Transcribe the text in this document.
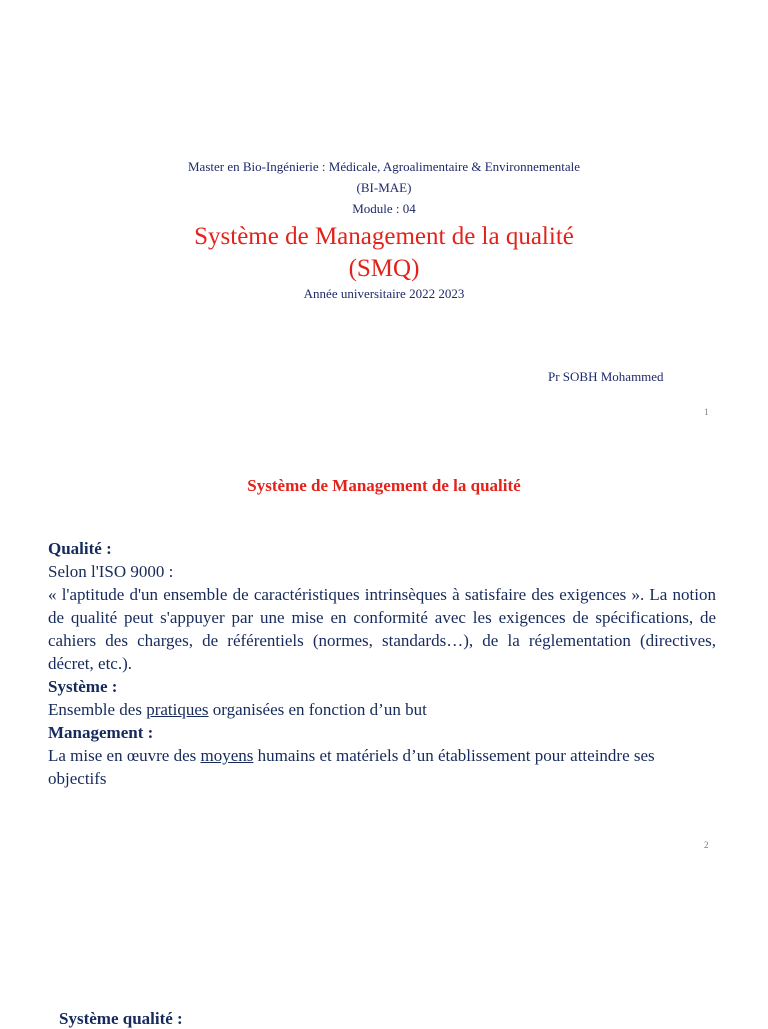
Master en Bio-Ingénierie : Médicale, Agroalimentaire & Environnementale
(BI-MAE)
Module : 04
Système de Management de la qualité
(SMQ)
Année universitaire 2022 2023
Pr SOBH Mohammed
1
Système de Management de la qualité
Qualité :
Selon l'ISO 9000 :
« l'aptitude d'un ensemble de caractéristiques intrinsèques à satisfaire des exigences ». La notion de qualité peut s'appuyer par une mise en conformité avec les exigences de spécifications, de cahiers des charges, de référentiels (normes, standards…), de la réglementation (directives, décret, etc.).
Système :
Ensemble des pratiques organisées en fonction d’un but
Management :
La mise en œuvre des moyens humains et matériels d’un établissement pour atteindre ses objectifs
2
Système qualité :
